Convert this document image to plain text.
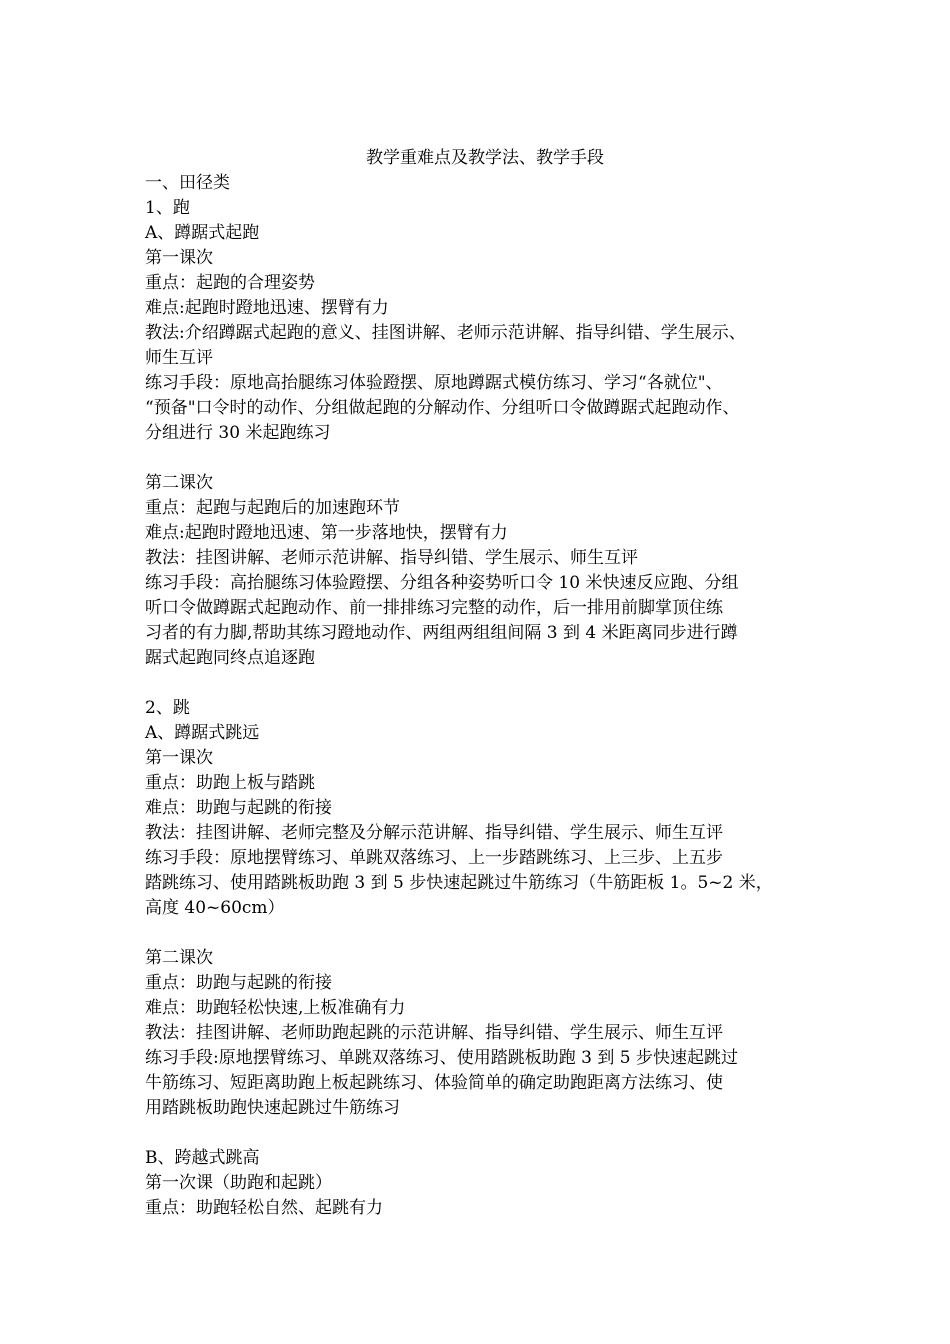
教学重难点及教学法、教学手段
一、田径类
1、跑
A、蹲踞式起跑
第一课次
重点：起跑的合理姿势
难点:起跑时蹬地迅速、摆臂有力
教法:介绍蹲踞式起跑的意义、挂图讲解、老师示范讲解、指导纠错、学生展示、
师生互评
练习手段：原地高抬腿练习体验蹬摆、原地蹲踞式模仿练习、学习“各就位"、
“预备"口令时的动作、分组做起跑的分解动作、分组听口令做蹲踞式起跑动作、
分组进行 30 米起跑练习
第二课次
重点：起跑与起跑后的加速跑环节
难点:起跑时蹬地迅速、第一步落地快，摆臂有力
教法：挂图讲解、老师示范讲解、指导纠错、学生展示、师生互评
练习手段：高抬腿练习体验蹬摆、分组各种姿势听口令 10 米快速反应跑、分组
听口令做蹲踞式起跑动作、前一排排练习完整的动作，后一排用前脚掌顶住练
习者的有力脚,帮助其练习蹬地动作、两组两组组间隔 3 到 4 米距离同步进行蹲
踞式起跑同终点追逐跑
2、跳
A、蹲踞式跳远
第一课次
重点：助跑上板与踏跳
难点：助跑与起跳的衔接
教法：挂图讲解、老师完整及分解示范讲解、指导纠错、学生展示、师生互评
练习手段：原地摆臂练习、单跳双落练习、上一步踏跳练习、上三步、上五步
踏跳练习、使用踏跳板助跑 3 到 5 步快速起跳过牛筋练习（牛筋距板 1。5~2 米，
高度 40~60cm）
第二课次
重点：助跑与起跳的衔接
难点：助跑轻松快速,上板准确有力
教法：挂图讲解、老师助跑起跳的示范讲解、指导纠错、学生展示、师生互评
练习手段:原地摆臂练习、单跳双落练习、使用踏跳板助跑 3 到 5 步快速起跳过
牛筋练习、短距离助跑上板起跳练习、体验简单的确定助跑距离方法练习、使
用踏跳板助跑快速起跳过牛筋练习
B、跨越式跳高
第一次课（助跑和起跳）
重点：助跑轻松自然、起跳有力
